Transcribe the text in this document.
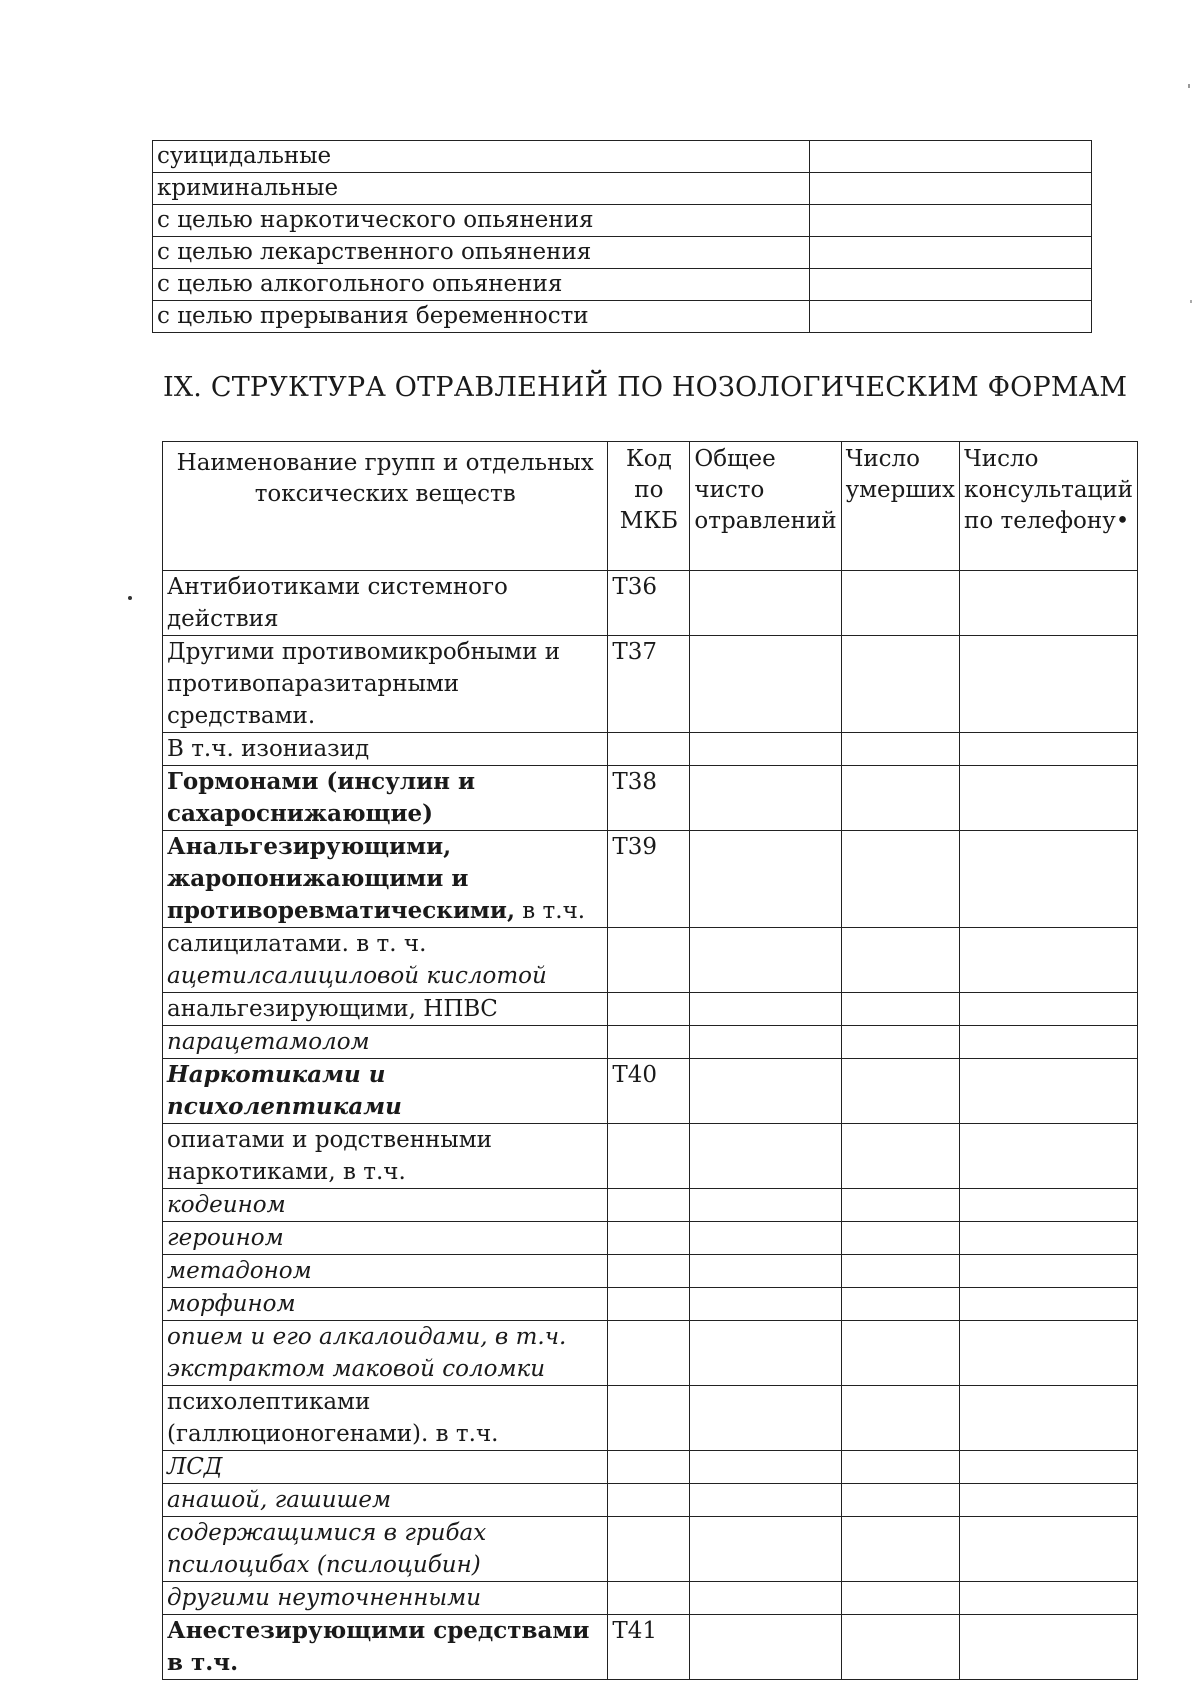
суицидальные	
криминальные	
с целью наркотического опьянения	
с целью лекарственного опьянения	
с целью алкогольного опьянения	
с целью прерывания беременности	
IX. СТРУКТУРА ОТРАВЛЕНИЙ ПО НОЗОЛОГИЧЕСКИМ ФОРМАМ
Наименование групп и отдельных токсических веществ	Код по МКБ	Общее чисто отравлений	Число умерших	Число консультаций по телефону•
Антибиотиками системного действия	T36			
Другими противомикробными и противопаразитарными средствами.	T37			
В т.ч. изониазид				
Гормонами (инсулин и сахароснижающие)	T38			
Анальгезирующими, жаропонижающими и противоревматическими, в т.ч.	T39			
салицилатами. в т. ч.
ацетилсалициловой кислотой				
анальгезирующими, НПВС				
парацетамолом				
Наркотиками и психолептиками	T40			
опиатами и родственными наркотиками, в т.ч.				
кодеином				
героином				
метадоном				
морфином				
опием и его алкалоидами, в т.ч. экстрактом маковой соломки				
психолептиками (галлюционогенами). в т.ч.				
ЛСД				
анашой, гашишем				
содержащимися в грибах псилоцибах (псилоцибин)				
другими неуточненными				
Анестезирующими средствами в т.ч.	T41			
